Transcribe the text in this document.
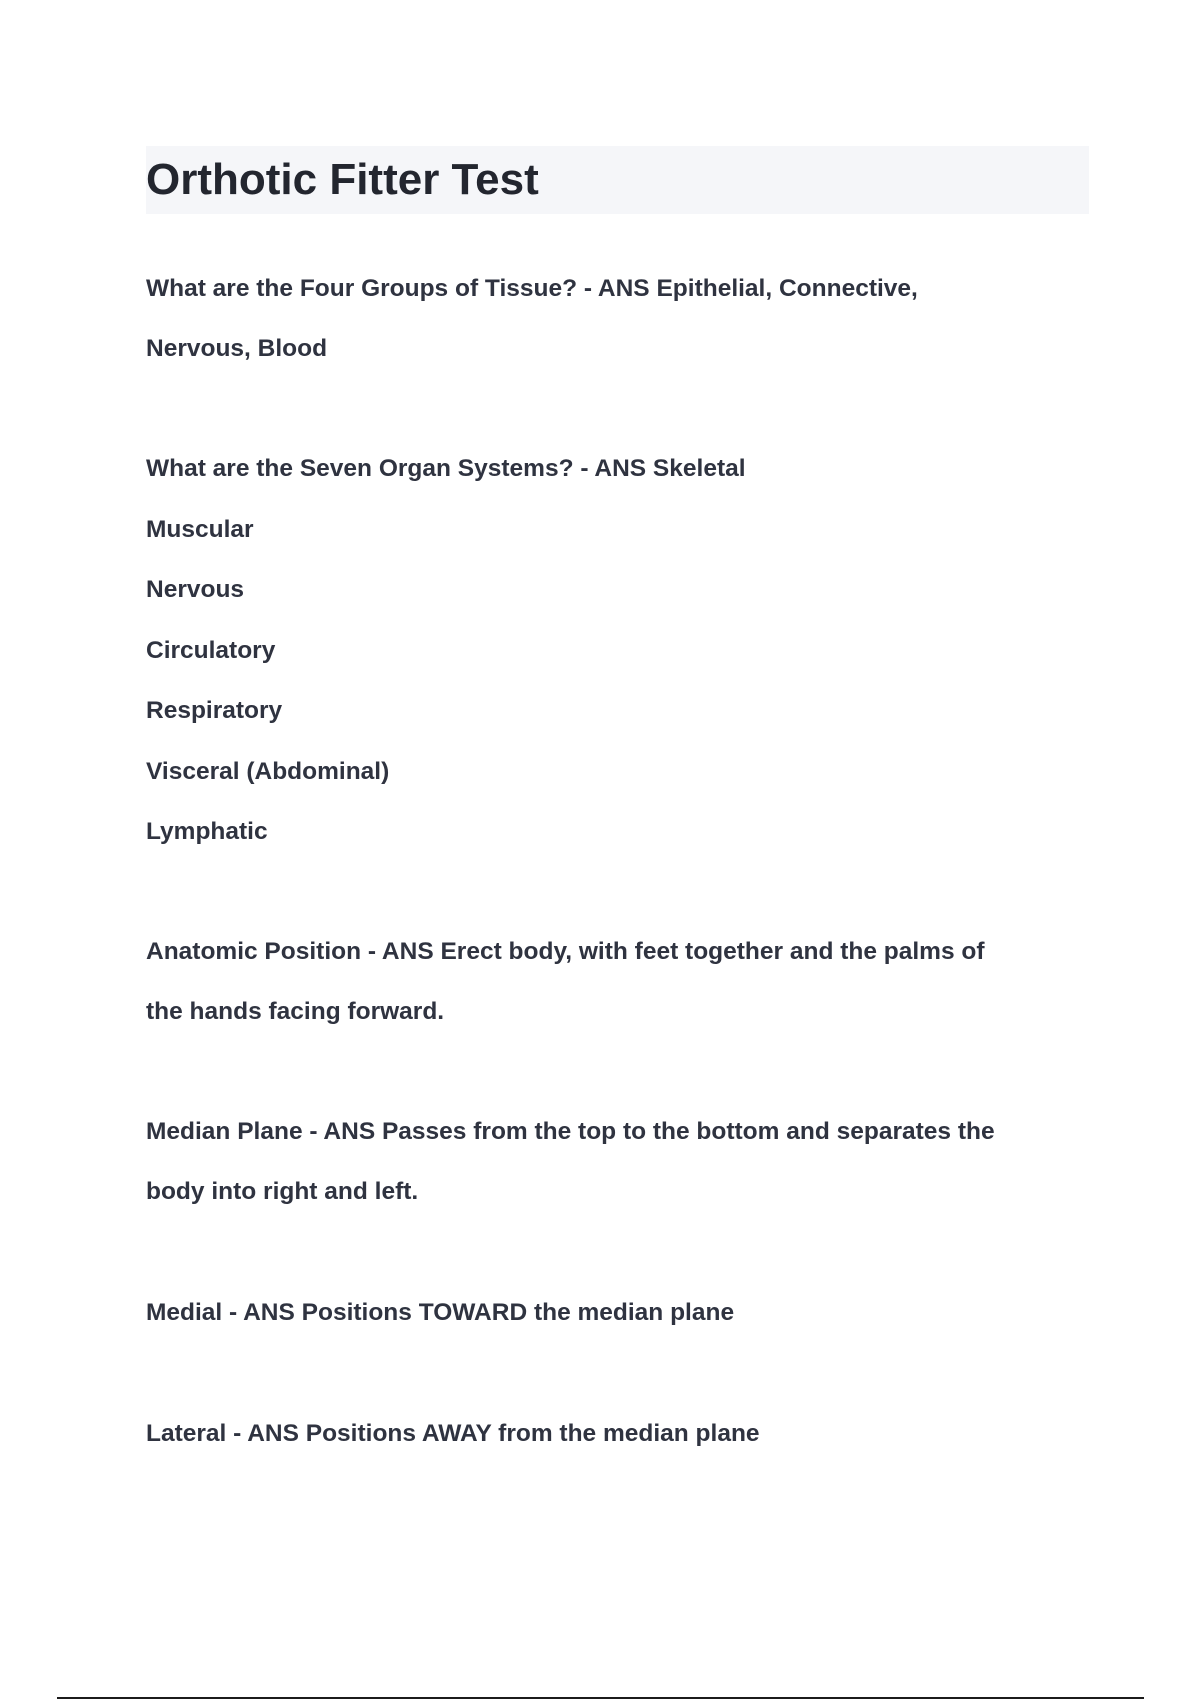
Orthotic Fitter Test
What are the Four Groups of Tissue? - ANS Epithelial, Connective,
Nervous, Blood
What are the Seven Organ Systems? - ANS Skeletal
Muscular
Nervous
Circulatory
Respiratory
Visceral (Abdominal)
Lymphatic
Anatomic Position - ANS Erect body, with feet together and the palms of
the hands facing forward.
Median Plane - ANS Passes from the top to the bottom and separates the
body into right and left.
Medial - ANS Positions TOWARD the median plane
Lateral - ANS Positions AWAY from the median plane
